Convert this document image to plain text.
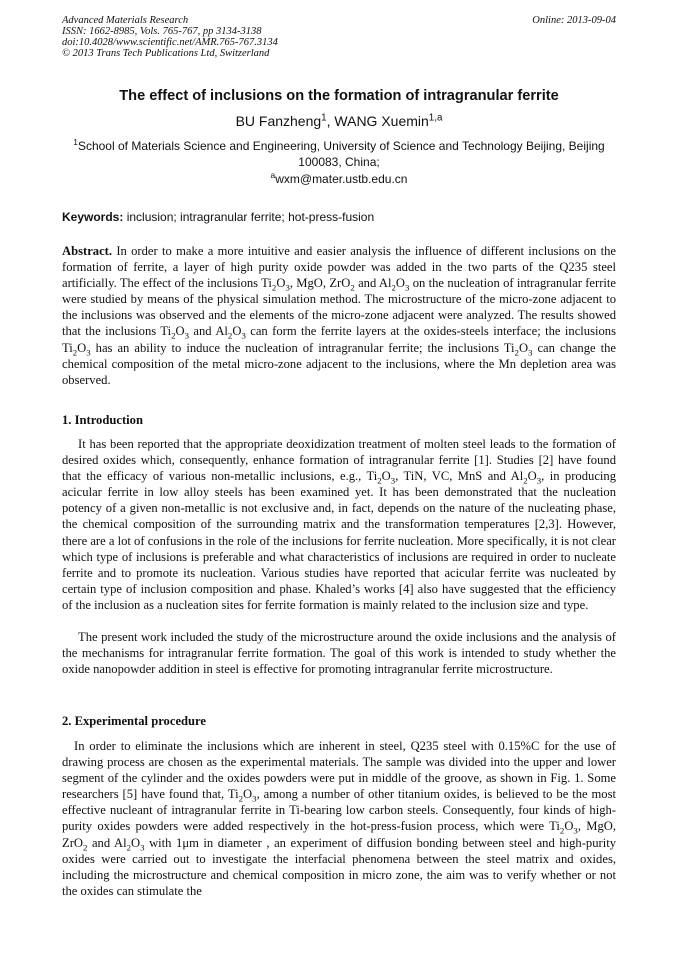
Advanced Materials Research
ISSN: 1662-8985, Vols. 765-767, pp 3134-3138
doi:10.4028/www.scientific.net/AMR.765-767.3134
© 2013 Trans Tech Publications Ltd, Switzerland
Online: 2013-09-04
The effect of inclusions on the formation of intragranular ferrite
BU Fanzheng$^1$, WANG Xuemin$^{1,a}$
$^1$School of Materials Science and Engineering, University of Science and Technology Beijing, Beijing 100083, China;
$^a$wxm@mater.ustb.edu.cn
Keywords: inclusion; intragranular ferrite; hot-press-fusion
Abstract. In order to make a more intuitive and easier analysis the influence of different inclusions on the formation of ferrite, a layer of high purity oxide powder was added in the two parts of the Q235 steel artificially. The effect of the inclusions $Ti_2O_3$, MgO, ZrO$_2$ and $Al_2O_3$ on the nucleation of intragranular ferrite were studied by means of the physical simulation method. The microstructure of the micro-zone adjacent to the inclusions was observed and the elements of the micro-zone adjacent were analyzed. The results showed that the inclusions $Ti_2O_3$ and $Al_2O_3$ can form the ferrite layers at the oxides-steels interface; the inclusions $Ti_2O_3$ has an ability to induce the nucleation of intragranular ferrite; the inclusions $Ti_2O_3$ can change the chemical composition of the metal micro-zone adjacent to the inclusions, where the Mn depletion area was observed.
1. Introduction
It has been reported that the appropriate deoxidization treatment of molten steel leads to the formation of desired oxides which, consequently, enhance formation of intragranular ferrite [1]. Studies [2] have found that the efficacy of various non-metallic inclusions, e.g., $Ti_2O_3$, TiN, VC, MnS and $Al_2O_3$, in producing acicular ferrite in low alloy steels has been examined yet. It has been demonstrated that the nucleation potency of a given non-metallic is not exclusive and, in fact, depends on the nature of the nucleating phase, the chemical composition of the surrounding matrix and the transformation temperatures [2,3]. However, there are a lot of confusions in the role of the inclusions for ferrite nucleation. More specifically, it is not clear which type of inclusions is preferable and what characteristics of inclusions are required in order to nucleate ferrite and to promote its nucleation. Various studies have reported that acicular ferrite was nucleated by certain type of inclusion composition and phase. Khaled’s works [4] also have suggested that the efficiency of the inclusion as a nucleation sites for ferrite formation is mainly related to the inclusion size and type.
The present work included the study of the microstructure around the oxide inclusions and the analysis of the mechanisms for intragranular ferrite formation. The goal of this work is intended to study whether the oxide nanopowder addition in steel is effective for promoting intragranular ferrite microstructure.
2. Experimental procedure
In order to eliminate the inclusions which are inherent in steel, Q235 steel with 0.15%C for the use of drawing process are chosen as the experimental materials. The sample was divided into the upper and lower segment of the cylinder and the oxides powders were put in middle of the groove, as shown in Fig. 1. Some researchers [5] have found that, $Ti_2O_3$, among a number of other titanium oxides, is believed to be the most effective nucleant of intragranular ferrite in Ti-bearing low carbon steels. Consequently, four kinds of high-purity oxides powders were added respectively in the hot-press-fusion process, which were $Ti_2O_3$, MgO, ZrO$_2$ and $Al_2O_3$ with 1μm in diameter , an experiment of diffusion bonding between steel and high-purity oxides were carried out to investigate the interfacial phenomena between the steel matrix and oxides, including the microstructure and chemical composition in micro zone, the aim was to verify whether or not the oxides can stimulate the
